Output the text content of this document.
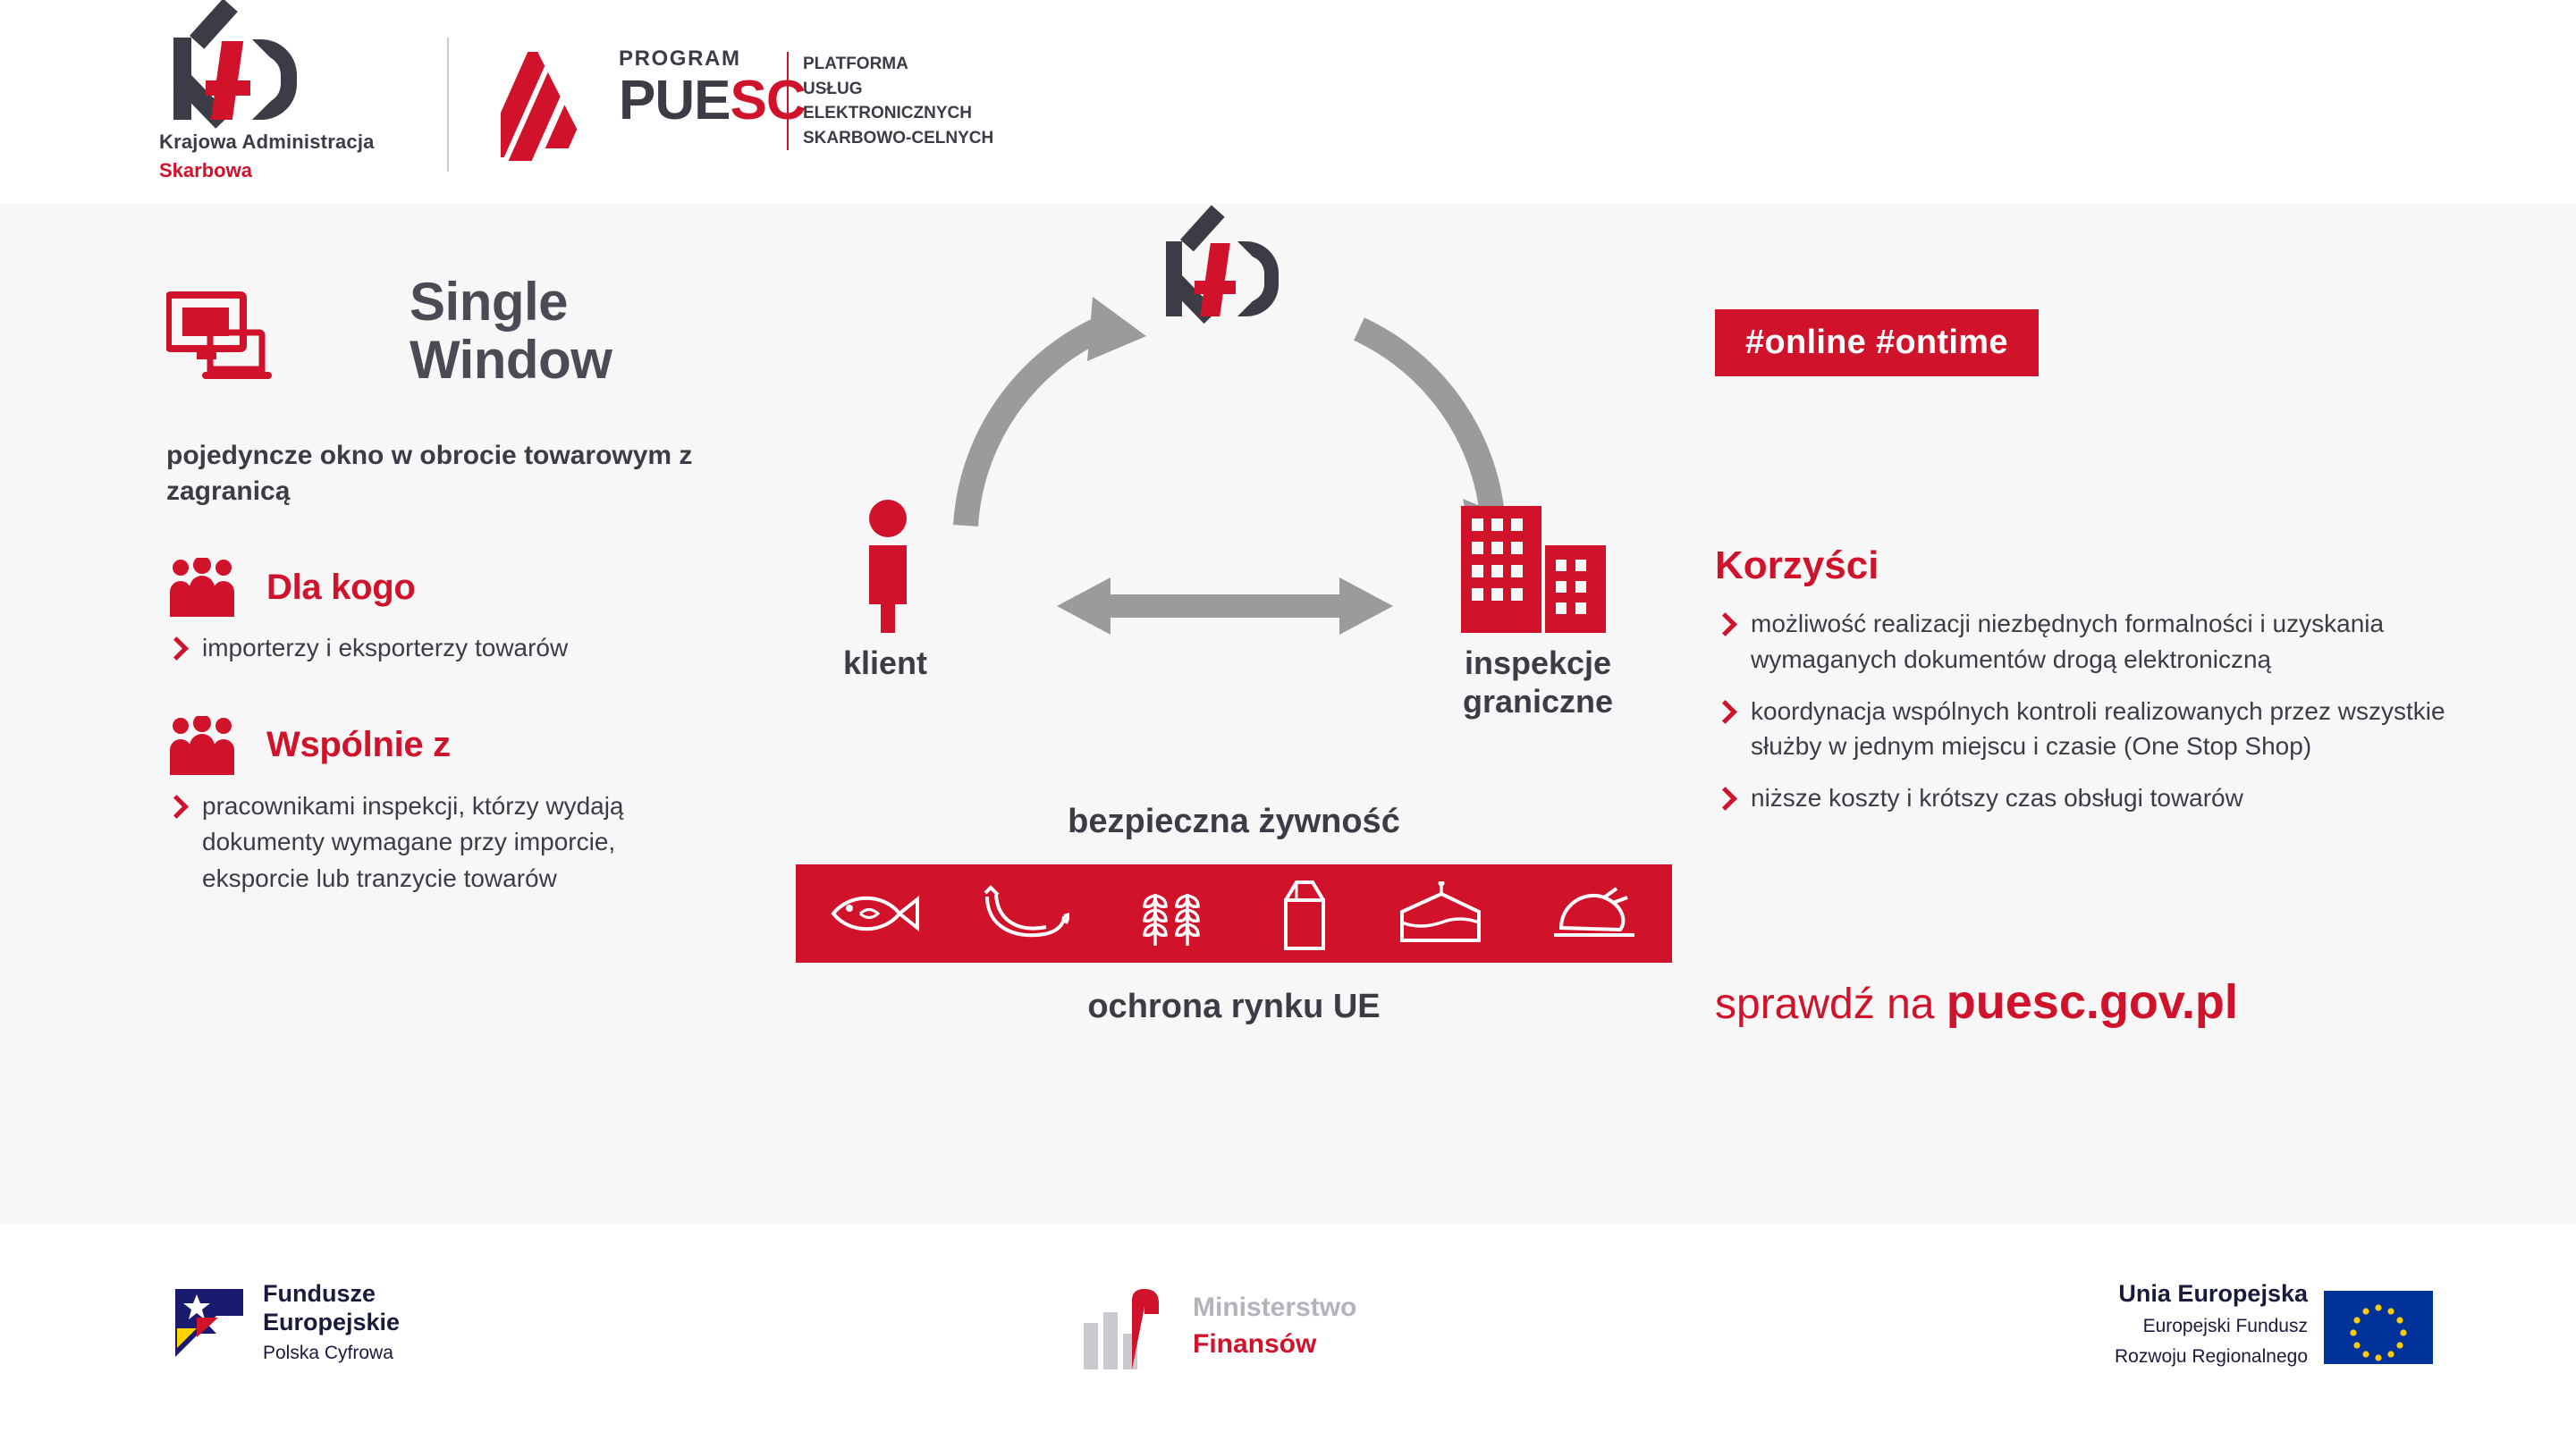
Krajowa Administracja
Skarbowa
PROGRAM
PUESC
PLATFORMA
USŁUG
ELEKTRONICZNYCH
SKARBOWO-CELNYCH
Single
Window
pojedyncze okno w obrocie towarowym z zagranicą
Dla kogo
importerzy i eksporterzy towarów
Wspólnie z
pracownikami inspekcji, którzy wydają dokumenty wymagane przy imporcie, eksporcie lub tranzycie towarów
klient	inspekcje
graniczne
bezpieczna żywność
ochrona rynku UE
#online #ontime
Korzyści
możliwość realizacji niezbędnych formalności i uzyskania wymaganych dokumentów drogą elektroniczną
koordynacja wspólnych kontroli realizowanych przez wszystkie służby w jednym miejscu i czasie (One Stop Shop)
niższe koszty i krótszy czas obsługi towarów
sprawdź na puesc.gov.pl
Fundusze
Europejskie
Polska Cyfrowa
Ministerstwo
Finansów
Unia Europejska
Europejski Fundusz
Rozwoju Regionalnego
